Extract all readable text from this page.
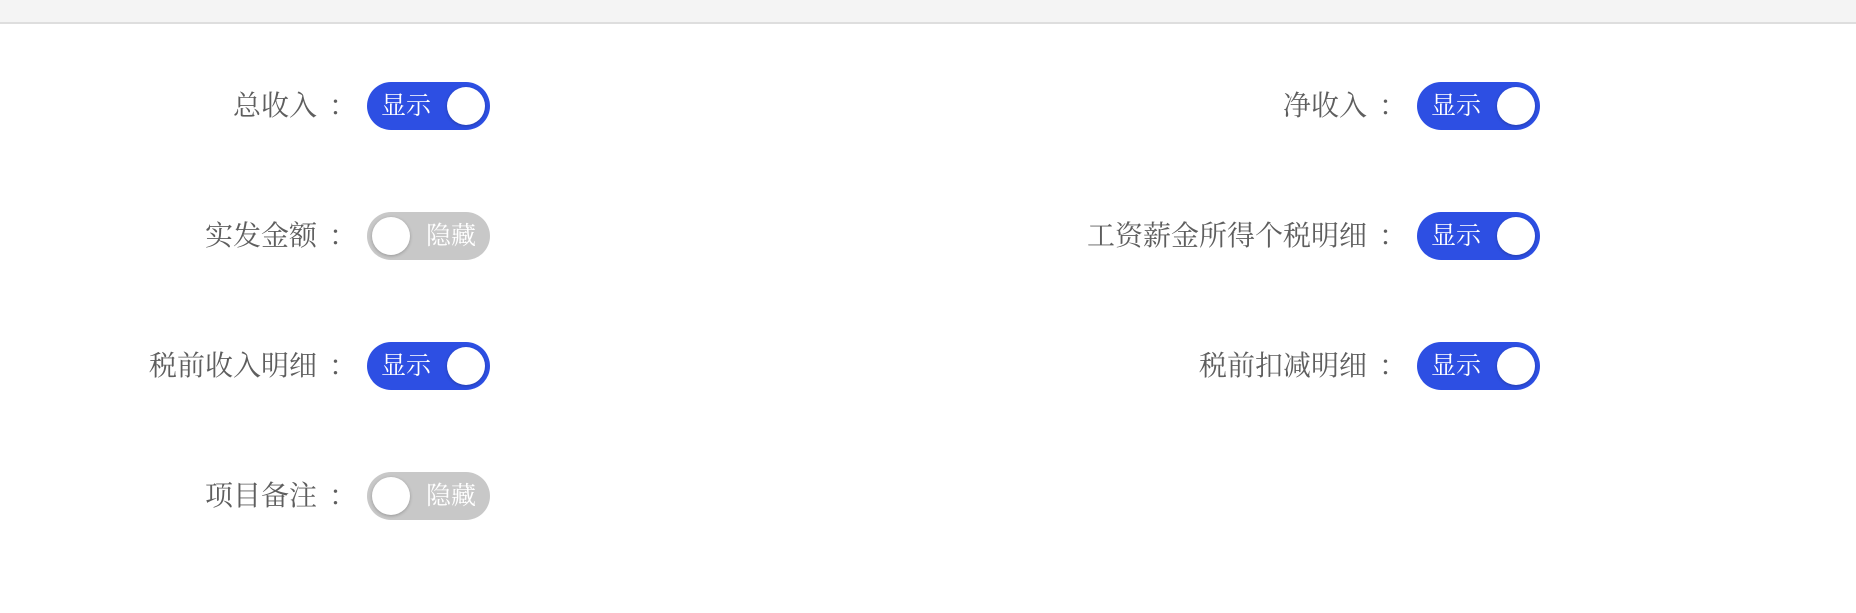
总收入 ： 显示
实发金额 ：	隐藏
税前收入明细 ： 显示
项目备注 ：	隐藏
净收入 ： 显示
工资薪金所得个税明细 ： 显示
税前扣减明细 ： 显示
